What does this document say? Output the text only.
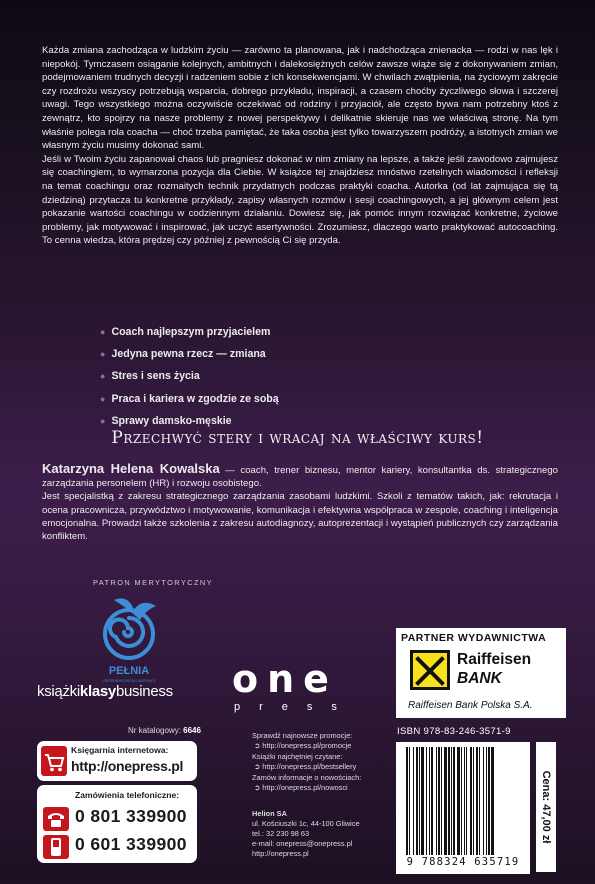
Każda zmiana zachodząca w ludzkim życiu — zarówno ta planowana, jak i nadchodząca znienacka — rodzi w nas lęk i niepokój. Tymczasem osiąganie kolejnych, ambitnych i dalekosiężnych celów zawsze wiąże się z dokonywaniem zmian, podejmowaniem trudnych decyzji i radzeniem sobie z ich konsekwencjami. W chwilach zwątpienia, na życiowym zakręcie czy rozdrożu wszyscy potrzebują wsparcia, dobrego przykładu, inspiracji, a czasem choćby życzliwego słowa i szczerej uwagi. Tego wszystkiego można oczywiście oczekiwać od rodziny i przyjaciół, ale często bywa nam potrzebny ktoś z zewnątrz, kto spojrzy na nasze problemy z nowej perspektywy i delikatnie skieruje nas we właściwą stronę. Na tym właśnie polega rola coacha — choć trzeba pamiętać, że taka osoba jest tylko towarzyszem podróży, a istotnych zmian we własnym życiu musimy dokonać sami.

Jeśli w Twoim życiu zapanował chaos lub pragniesz dokonać w nim zmiany na lepsze, a także jeśli zawodowo zajmujesz się coachingiem, to wymarzona pozycja dla Ciebie. W książce tej znajdziesz mnóstwo rzetelnych wiadomości i refleksji na temat coachingu oraz rozmaitych technik przydatnych podczas praktyki coacha. Autorka (od lat zajmująca się tą dziedziną) przytacza tu konkretne przykłady, zapisy własnych rozmów i sesji coachingowych, a jej głównym celem jest pokazanie wartości coachingu w codziennym działaniu. Dowiesz się, jak pomóc innym rozwiązać konkretne, życiowe problemy, jak motywować i inspirować, jak uczyć asertywności. Zrozumiesz, dlaczego warto praktykować autocoaching. To cenna wiedza, która prędzej czy później z pewnością Ci się przyda.

● Coach najlepszym przyjacielem
● Jedyna pewna rzecz — zmiana
● Stres i sens życia
● Praca i kariera w zgodzie ze sobą
● Sprawy damsko-męskie
Przechwyć stery i wracaj na właściwy kurs!
Katarzyna Helena Kowalska — coach, trener biznesu, mentor kariery, konsultantka ds. strategicznego zarządzania personelem (HR) i rozwoju osobistego.
Jest specjalistką z zakresu strategicznego zarządzania zasobami ludzkimi. Szkoli z tematów takich, jak: rekrutacja i ocena pracownicza, przywództwo i motywowanie, komunikacja i efektywna współpraca w zespole, coaching i inteligencja emocjonalna. Prowadzi także szkolenia z zakresu autodiagnozy, autoprezentacji i wystąpień publicznych czy zarządzania konfliktem.
PATRON MERYTORYCZNY
PEŁNIA
CENTRUM ROZWOJU I INSPIRACJI
książkiklasybusiness
Nr katalogowy: 6646
Księgarnia internetowa:
http://onepress.pl
Zamówienia telefoniczne:
0 801 339900
0 601 339900
one
press
Sprawdź najnowsze promocje:
➲ http://onepress.pl/promocje
Książki najchętniej czytane:
➲ http://onepress.pl/bestsellery
Zamów informacje o nowościach:
➲ http://onepress.pl/nowosci
Helion SA
ul. Kościuszki 1c, 44-100 Gliwice
tel.: 32 230 98 63
e-mail: onepress@onepress.pl
http://onepress.pl
PARTNER WYDAWNICTWA
Raiffeisen
BANK
Raiffeisen Bank Polska S.A.
ISBN 978-83-246-3571-9
9 788324 635719
Cena: 47,00 zł
